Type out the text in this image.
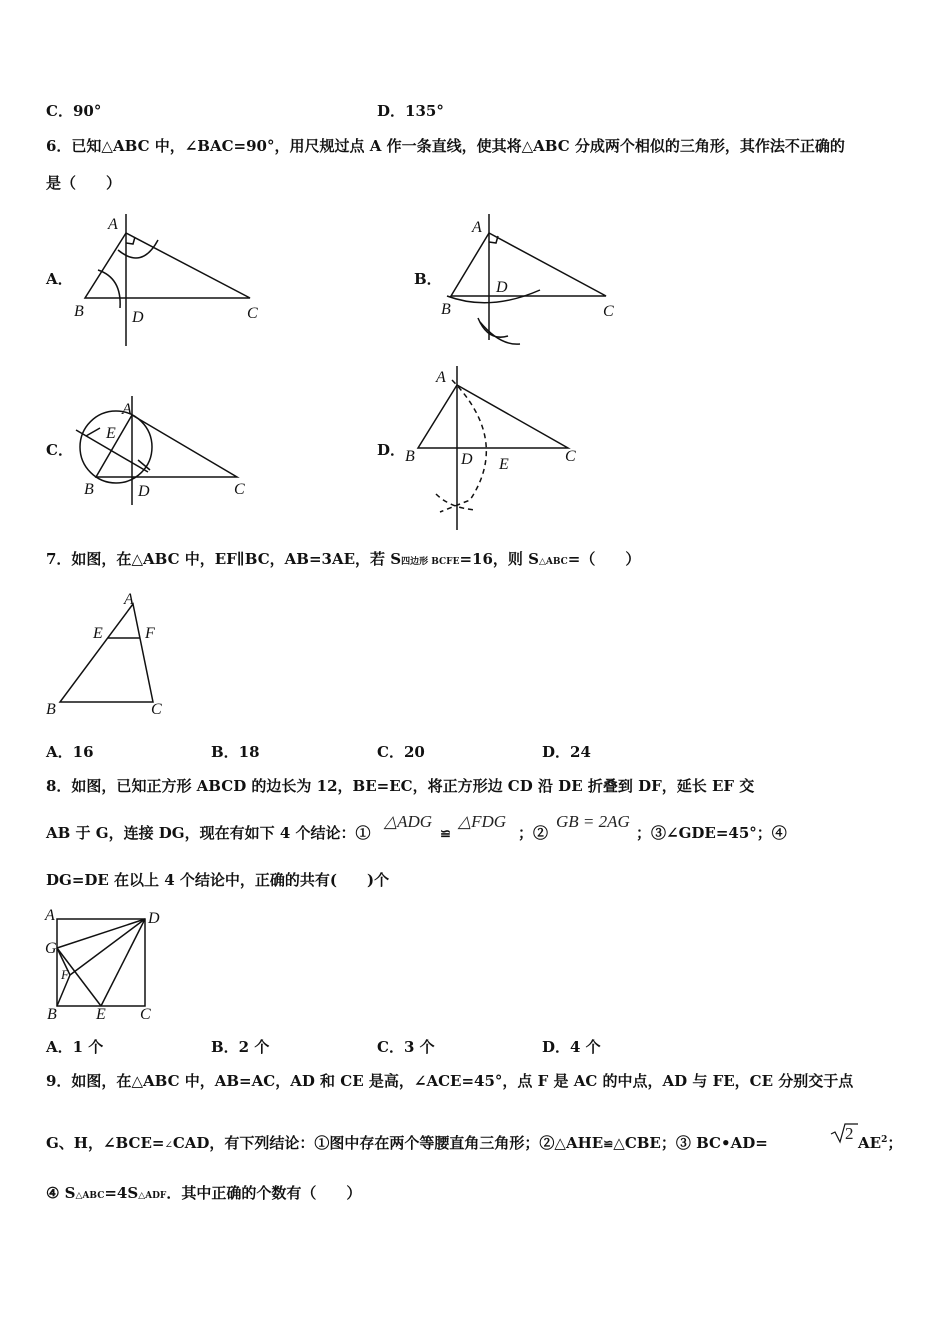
C．90°	D．135°
6．已知△ABC 中，∠BAC=90°，用尺规过点 A 作一条直线，使其将△ABC 分成两个相似的三角形，其作法不正确的
是（　　）
A．	B．
C．	D．
A
B	D	C
A
B
D
C
A
E
B	D	C
A
B	D E	C
7．如图，在△ABC 中，EF∥BC，AB=3AE，若 S四边形 BCFE=16，则 S△ABC=（　　）
A
E	F
B	C
A．16	B．18	C．20	D．24
8．如图，已知正方形 ABCD 的边长为 12，BE=EC，将正方形边 CD 沿 DE 折叠到 DF，延长 EF 交
AB 于 G，连接 DG，现在有如下 4 个结论：①
△ADG
≌
△FDG
；②
GB = 2AG
；③∠GDE=45°；④
DG=DE 在以上 4 个结论中，正确的共有(　　)个
A	D
G
F
B E C
A．1 个	B．2 个	C．3 个	D．4 个
9．如图，在△ABC 中，AB=AC，AD 和 CE 是高，∠ACE=45°，点 F 是 AC 的中点，AD 与 FE，CE 分别交于点
G、H，∠BCE=∠CAD，有下列结论：①图中存在两个等腰直角三角形；②△AHE≌△CBE；③ BC•AD=	2 $AE^2$；
④ S△ABC=4S△ADF．其中正确的个数有（　　）
